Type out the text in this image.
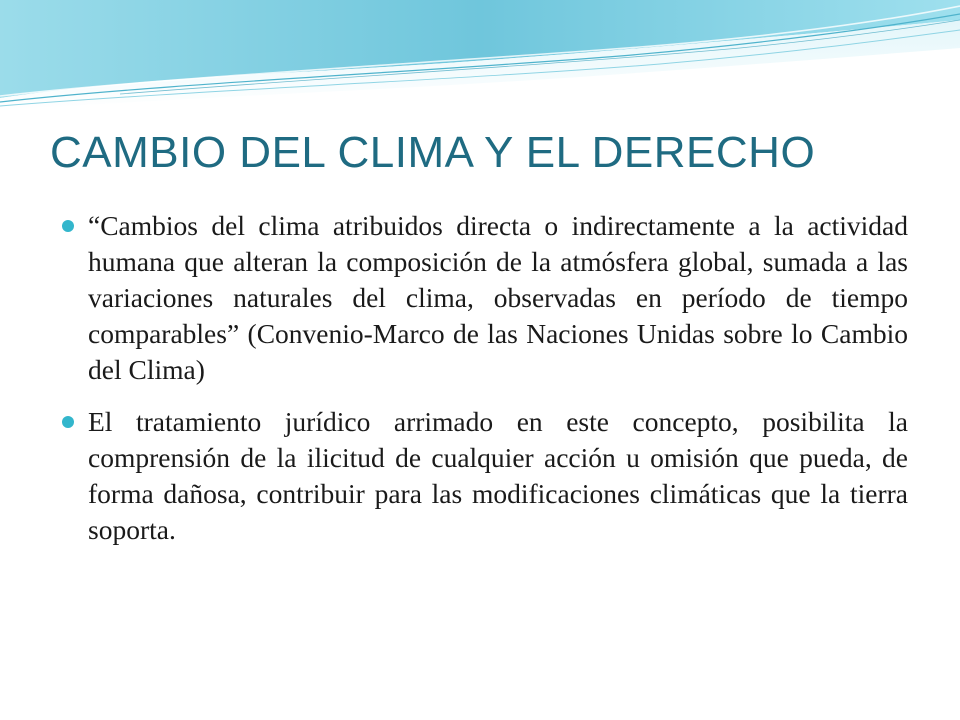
CAMBIO DEL CLIMA Y EL DERECHO
“Cambios del clima atribuidos directa o indirectamente a la actividad humana que alteran la composición de la atmósfera global, sumada a las variaciones naturales del clima, observadas en período de tiempo comparables” (Convenio-Marco de las Naciones Unidas sobre lo Cambio del Clima)
El tratamiento jurídico arrimado en este concepto, posibilita la comprensión de la ilicitud de cualquier acción u omisión que pueda, de forma dañosa, contribuir para las modificaciones climáticas que la tierra soporta.
